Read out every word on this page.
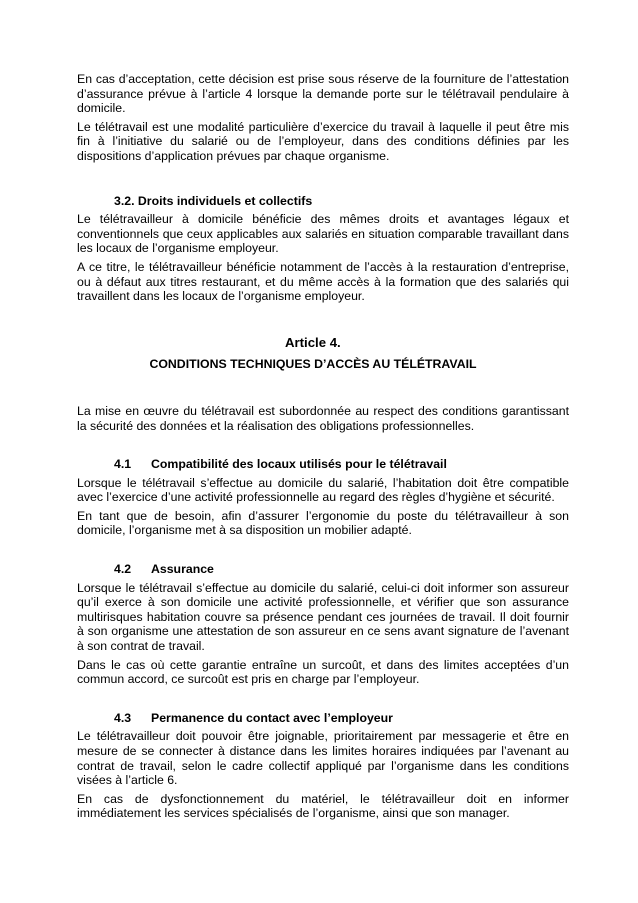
En cas d’acceptation, cette décision est prise sous réserve de la fourniture de l’attestation d’assurance prévue à l’article 4 lorsque la demande porte sur le télétravail pendulaire à domicile.

Le télétravail est une modalité particulière d’exercice du travail à laquelle il peut être mis fin à l’initiative du salarié ou de l’employeur, dans des conditions définies par les dispositions d’application prévues par chaque organisme.

3.2. Droits individuels et collectifs

Le télétravailleur à domicile bénéficie des mêmes droits et avantages légaux et conventionnels que ceux applicables aux salariés en situation comparable travaillant dans les locaux de l’organisme employeur.

A ce titre, le télétravailleur bénéficie notamment de l’accès à la restauration d’entreprise, ou à défaut aux titres restaurant, et du même accès à la formation que des salariés qui travaillent dans les locaux de l’organisme employeur.

Article 4.

CONDITIONS TECHNIQUES D’ACCÈS AU TÉLÉTRAVAIL

La mise en œuvre du télétravail est subordonnée au respect des conditions garantissant la sécurité des données et la réalisation des obligations professionnelles.

4.1 Compatibilité des locaux utilisés pour le télétravail

Lorsque le télétravail s’effectue au domicile du salarié, l’habitation doit être compatible avec l’exercice d’une activité professionnelle au regard des règles d’hygiène et sécurité.

En tant que de besoin, afin d’assurer l’ergonomie du poste du télétravailleur à son domicile, l’organisme met à sa disposition un mobilier adapté.

4.2 Assurance

Lorsque le télétravail s’effectue au domicile du salarié, celui-ci doit informer son assureur qu’il exerce à son domicile une activité professionnelle, et vérifier que son assurance multirisques habitation couvre sa présence pendant ces journées de travail. Il doit fournir à son organisme une attestation de son assureur en ce sens avant signature de l’avenant à son contrat de travail.

Dans le cas où cette garantie entraîne un surcoût, et dans des limites acceptées d’un commun accord, ce surcoût est pris en charge par l’employeur.

4.3 Permanence du contact avec l’employeur

Le télétravailleur doit pouvoir être joignable, prioritairement par messagerie et être en mesure de se connecter à distance dans les limites horaires indiquées par l’avenant au contrat de travail, selon le cadre collectif appliqué par l’organisme dans les conditions visées à l’article 6.

En cas de dysfonctionnement du matériel, le télétravailleur doit en informer immédiatement les services spécialisés de l’organisme, ainsi que son manager.
